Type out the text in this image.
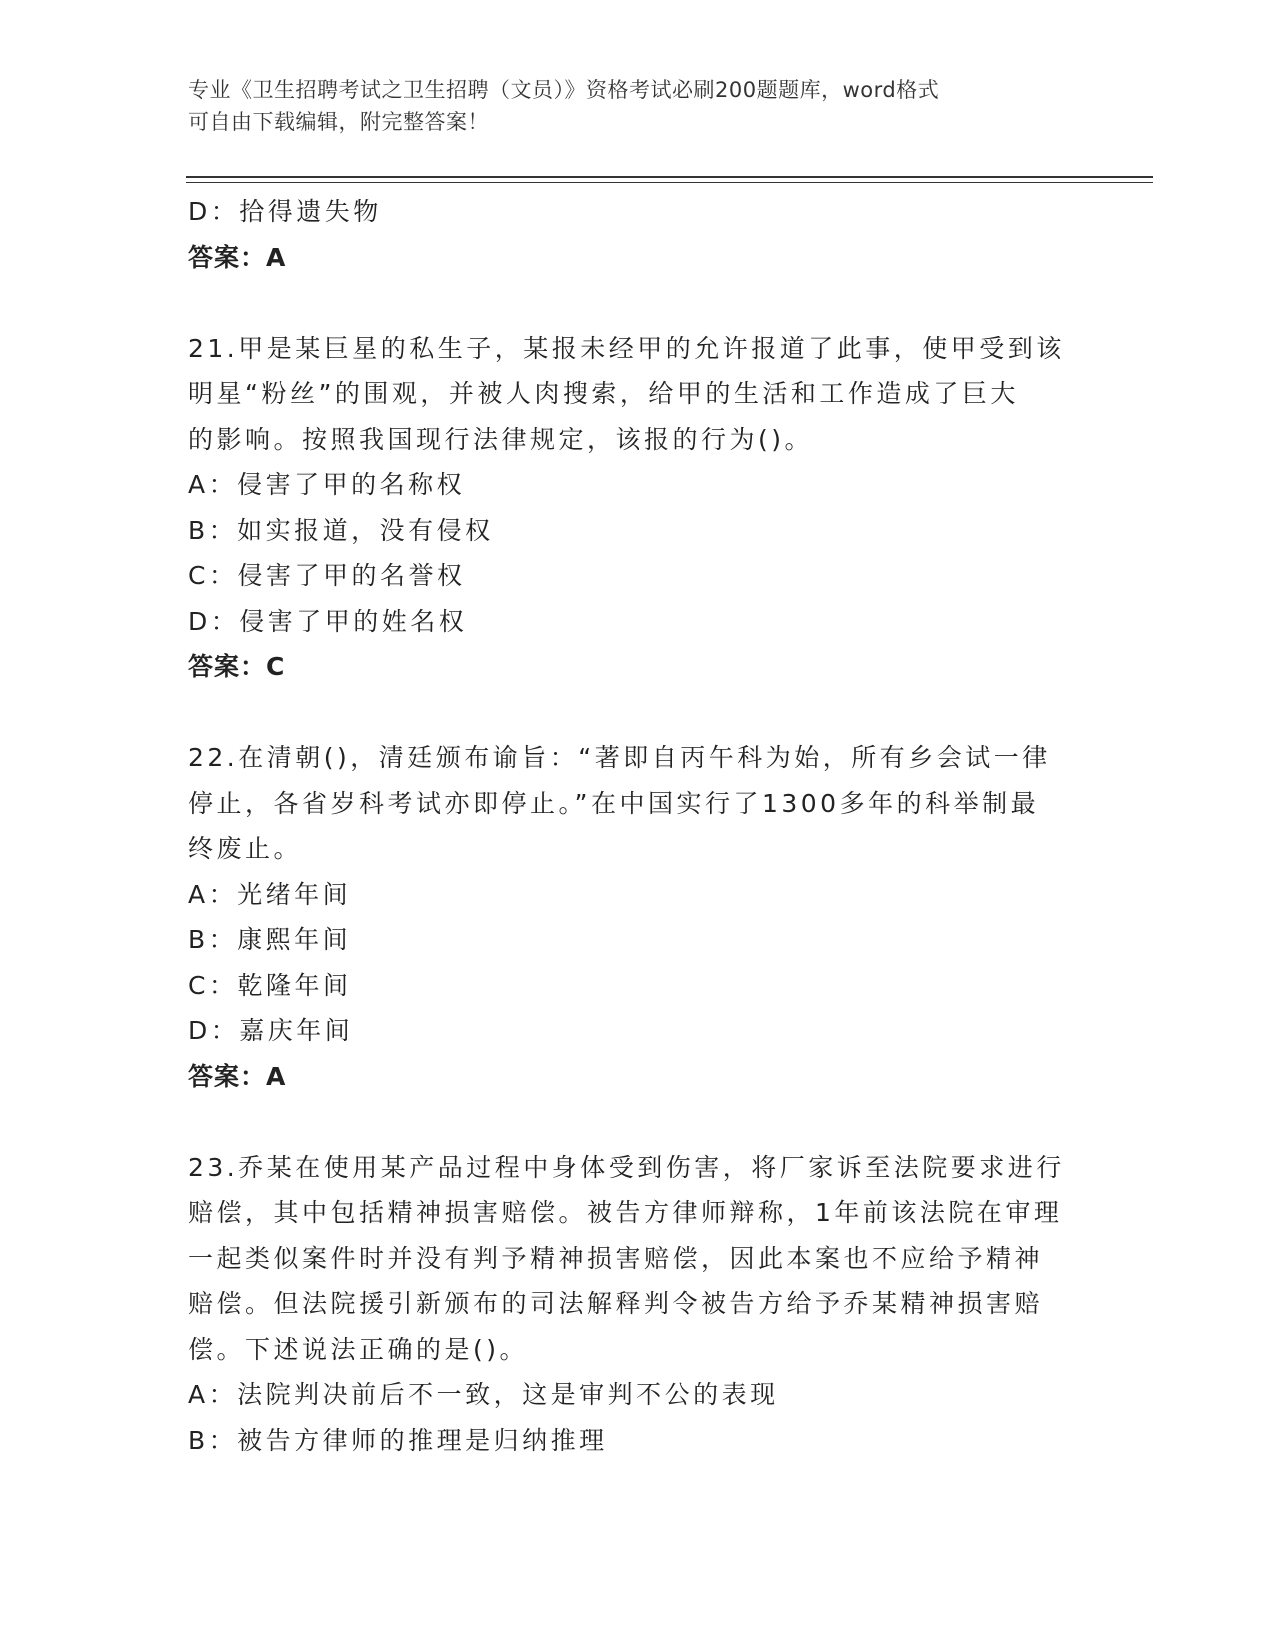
专业《卫生招聘考试之卫生招聘（文员）》资格考试必刷200题题库，word格式
可自由下载编辑，附完整答案！

D：拾得遗失物

答案：A

21.甲是某巨星的私生子，某报未经甲的允许报道了此事，使甲受到该

明星“粉丝”的围观，并被人肉搜索，给甲的生活和工作造成了巨大

的影响。按照我国现行法律规定，该报的行为()。

A：侵害了甲的名称权

B：如实报道，没有侵权

C：侵害了甲的名誉权

D：侵害了甲的姓名权

答案：C

22.在清朝()，清廷颁布谕旨：“著即自丙午科为始，所有乡会试一律

停止，各省岁科考试亦即停止。”在中国实行了1300多年的科举制最

终废止。

A：光绪年间

B：康熙年间

C：乾隆年间

D：嘉庆年间

答案：A

23.乔某在使用某产品过程中身体受到伤害，将厂家诉至法院要求进行

赔偿，其中包括精神损害赔偿。被告方律师辩称，1年前该法院在审理

一起类似案件时并没有判予精神损害赔偿，因此本案也不应给予精神

赔偿。但法院援引新颁布的司法解释判令被告方给予乔某精神损害赔

偿。下述说法正确的是()。

A：法院判决前后不一致，这是审判不公的表现

B：被告方律师的推理是归纳推理
